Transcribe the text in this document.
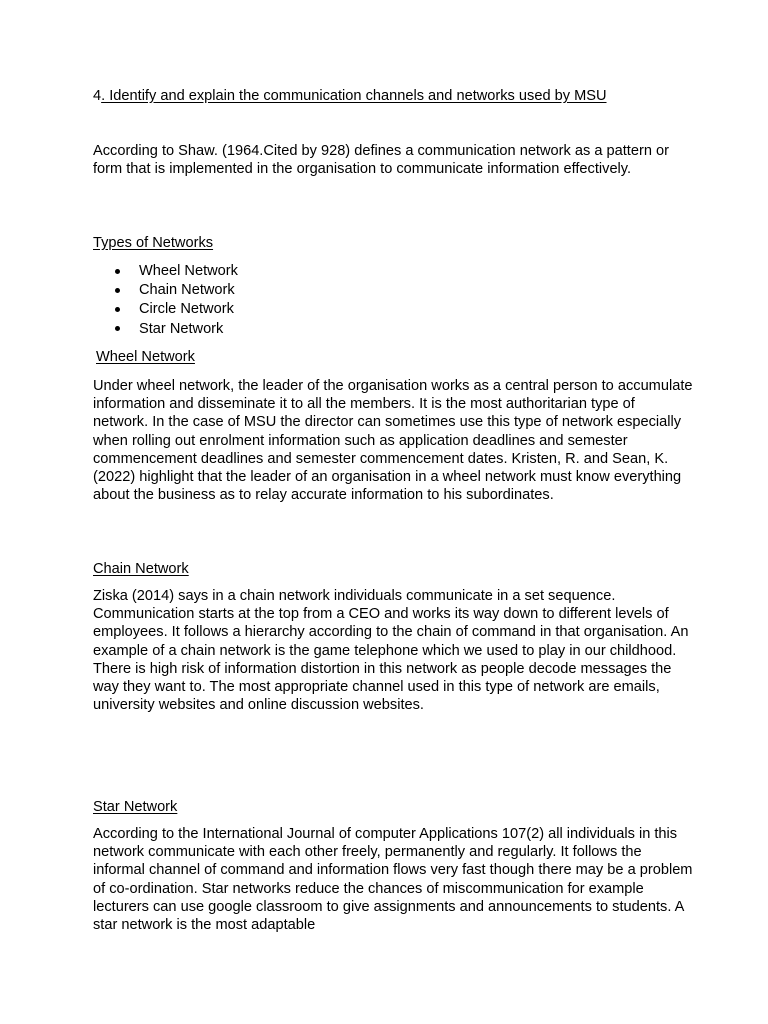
4. Identify and explain the communication channels and networks used by MSU

According to Shaw. (1964.Cited by 928) defines a communication network as a pattern or form that is implemented in the organisation to communicate information effectively.

Types of Networks
Wheel Network
Chain Network
Circle Network
Star Network
Wheel Network

Under wheel network, the leader of the organisation works as a central person to accumulate information and disseminate it to all the members. It is the most authoritarian type of network. In the case of MSU the director can sometimes use this type of network especially when rolling out enrolment information such as application deadlines and semester commencement deadlines and semester commencement dates. Kristen, R. and Sean, K. (2022) highlight that the leader of an organisation in a wheel network must know everything about the business as to relay accurate information to his subordinates.

Chain Network

Ziska (2014) says in a chain network individuals communicate in a set sequence. Communication starts at the top from a CEO and works its way down to different levels of employees. It follows a hierarchy according to the chain of command in that organisation. An example of a chain network is the game telephone which we used to play in our childhood. There is high risk of information distortion in this network as people decode messages the way they want to. The most appropriate channel used in this type of network are emails, university websites and online discussion websites.

Star Network

According to the International Journal of computer Applications 107(2) all individuals in this network communicate with each other freely, permanently and regularly. It follows the informal channel of command and information flows very fast though there may be a problem of co-ordination. Star networks reduce the chances of miscommunication for example lecturers can use google classroom to give assignments and announcements to students. A star network is the most adaptable
